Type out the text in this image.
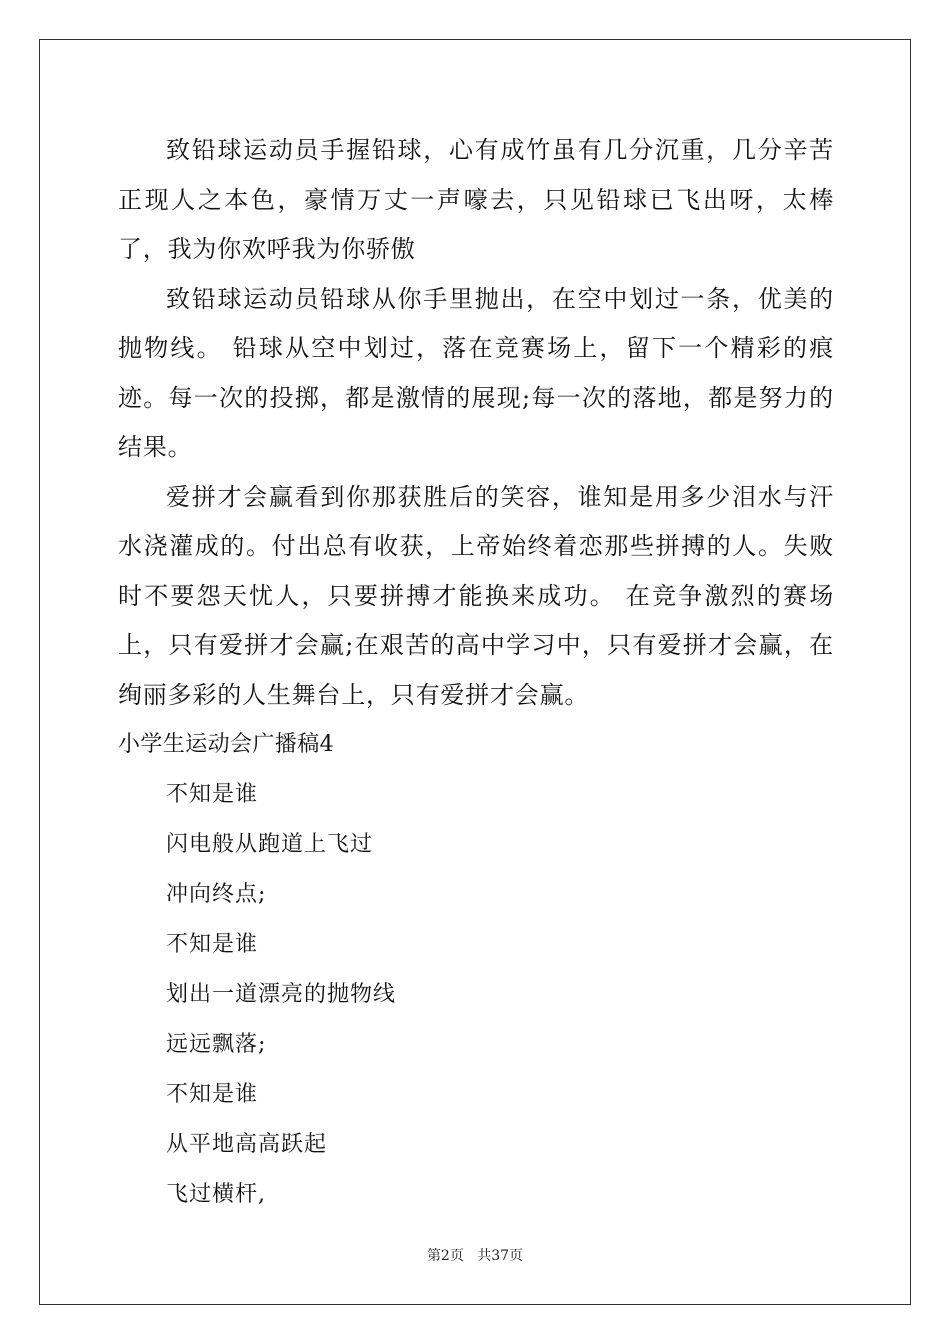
致铅球运动员手握铅球，心有成竹虽有几分沉重，几分辛苦正现人之本色，豪情万丈一声嚎去，只见铅球已飞出呀，太棒了，我为你欢呼我为你骄傲

致铅球运动员铅球从你手里抛出，在空中划过一条，优美的抛物线。 铅球从空中划过，落在竞赛场上，留下一个精彩的痕迹。每一次的投掷，都是激情的展现;每一次的落地，都是努力的结果。

爱拼才会赢看到你那获胜后的笑容，谁知是用多少泪水与汗水浇灌成的。付出总有收获，上帝始终着恋那些拼搏的人。失败时不要怨天忧人，只要拼搏才能换来成功。 在竞争激烈的赛场上，只有爱拼才会赢;在艰苦的高中学习中，只有爱拼才会赢，在绚丽多彩的人生舞台上，只有爱拼才会赢。

小学生运动会广播稿4

不知是谁

闪电般从跑道上飞过

冲向终点;

不知是谁

划出一道漂亮的抛物线

远远飘落;

不知是谁

从平地高高跃起

飞过横杆,

第2页 共37页
